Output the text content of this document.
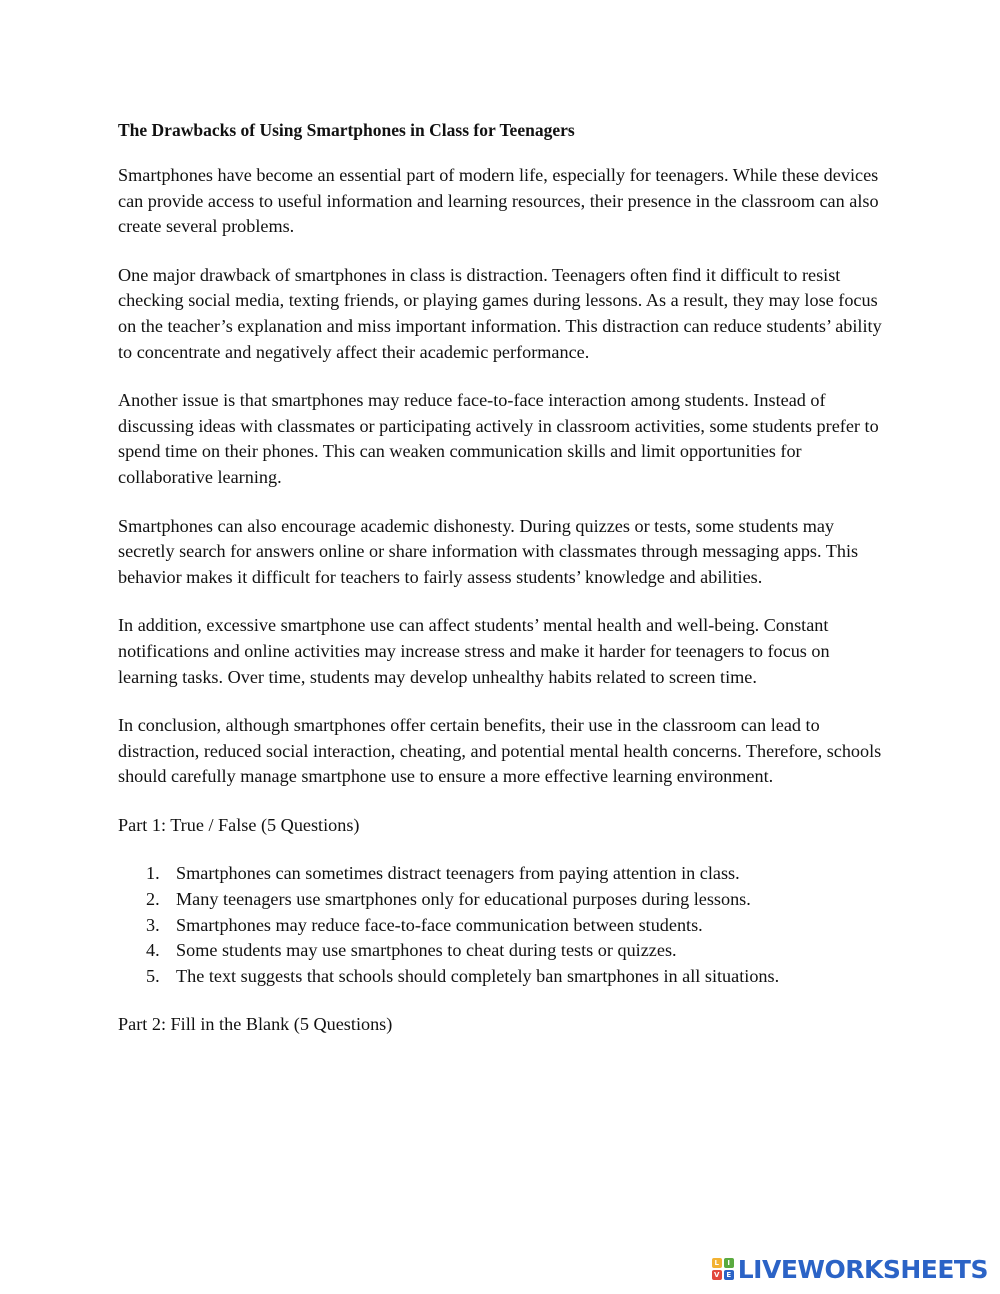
The Drawbacks of Using Smartphones in Class for Teenagers

Smartphones have become an essential part of modern life, especially for teenagers. While these devices can provide access to useful information and learning resources, their presence in the classroom can also create several problems.

One major drawback of smartphones in class is distraction. Teenagers often find it difficult to resist checking social media, texting friends, or playing games during lessons. As a result, they may lose focus on the teacher’s explanation and miss important information. This distraction can reduce students’ ability to concentrate and negatively affect their academic performance.

Another issue is that smartphones may reduce face-to-face interaction among students. Instead of discussing ideas with classmates or participating actively in classroom activities, some students prefer to spend time on their phones. This can weaken communication skills and limit opportunities for collaborative learning.

Smartphones can also encourage academic dishonesty. During quizzes or tests, some students may secretly search for answers online or share information with classmates through messaging apps. This behavior makes it difficult for teachers to fairly assess students’ knowledge and abilities.

In addition, excessive smartphone use can affect students’ mental health and well-being. Constant notifications and online activities may increase stress and make it harder for teenagers to focus on learning tasks. Over time, students may develop unhealthy habits related to screen time.

In conclusion, although smartphones offer certain benefits, their use in the classroom can lead to distraction, reduced social interaction, cheating, and potential mental health concerns. Therefore, schools should carefully manage smartphone use to ensure a more effective learning environment.

Part 1: True / False (5 Questions)
1. Smartphones can sometimes distract teenagers from paying attention in class.
2. Many teenagers use smartphones only for educational purposes during lessons.
3. Smartphones may reduce face-to-face communication between students.
4. Some students may use smartphones to cheat during tests or quizzes.
5. The text suggests that schools should completely ban smartphones in all situations.
Part 2: Fill in the Blank (5 Questions)
L	I
V E LIVEWORKSHEETS
